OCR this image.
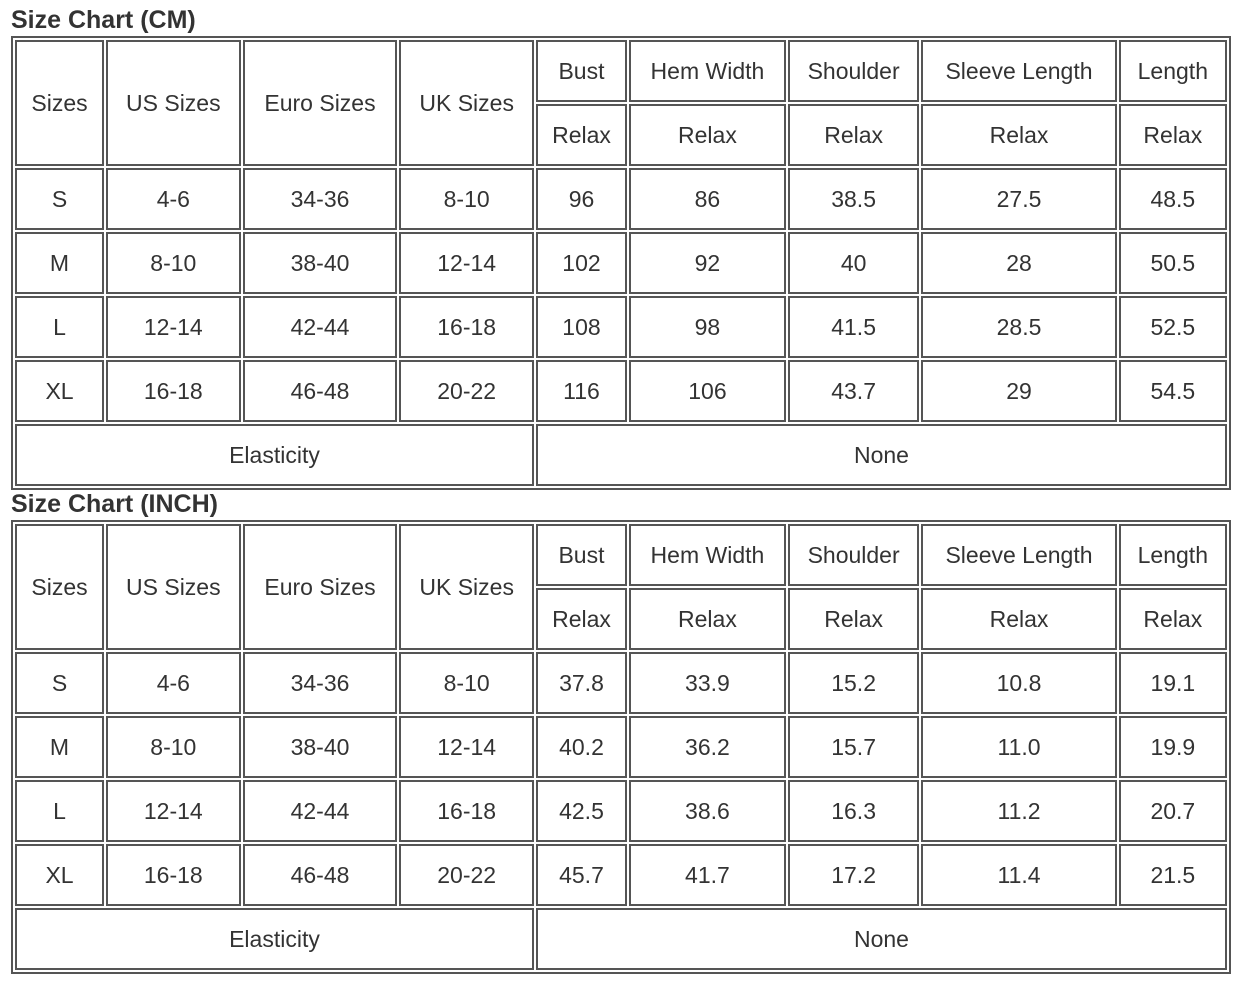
Size Chart (CM)
Sizes	US Sizes	Euro Sizes	UK Sizes	Bust	Hem Width	Shoulder	Sleeve Length	Length
				Relax	Relax	Relax	Relax	Relax
S	4-6	34-36	8-10	96	86	38.5	27.5	48.5
M	8-10	38-40	12-14	102	92	40	28	50.5
L	12-14	42-44	16-18	108	98	41.5	28.5	52.5
XL	16-18	46-48	20-22	116	106	43.7	29	54.5
Elasticity				None				
Size Chart (INCH)
Sizes	US Sizes	Euro Sizes	UK Sizes	Bust	Hem Width	Shoulder	Sleeve Length	Length
				Relax	Relax	Relax	Relax	Relax
S	4-6	34-36	8-10	37.8	33.9	15.2	10.8	19.1
M	8-10	38-40	12-14	40.2	36.2	15.7	11.0	19.9
L	12-14	42-44	16-18	42.5	38.6	16.3	11.2	20.7
XL	16-18	46-48	20-22	45.7	41.7	17.2	11.4	21.5
Elasticity				None				
